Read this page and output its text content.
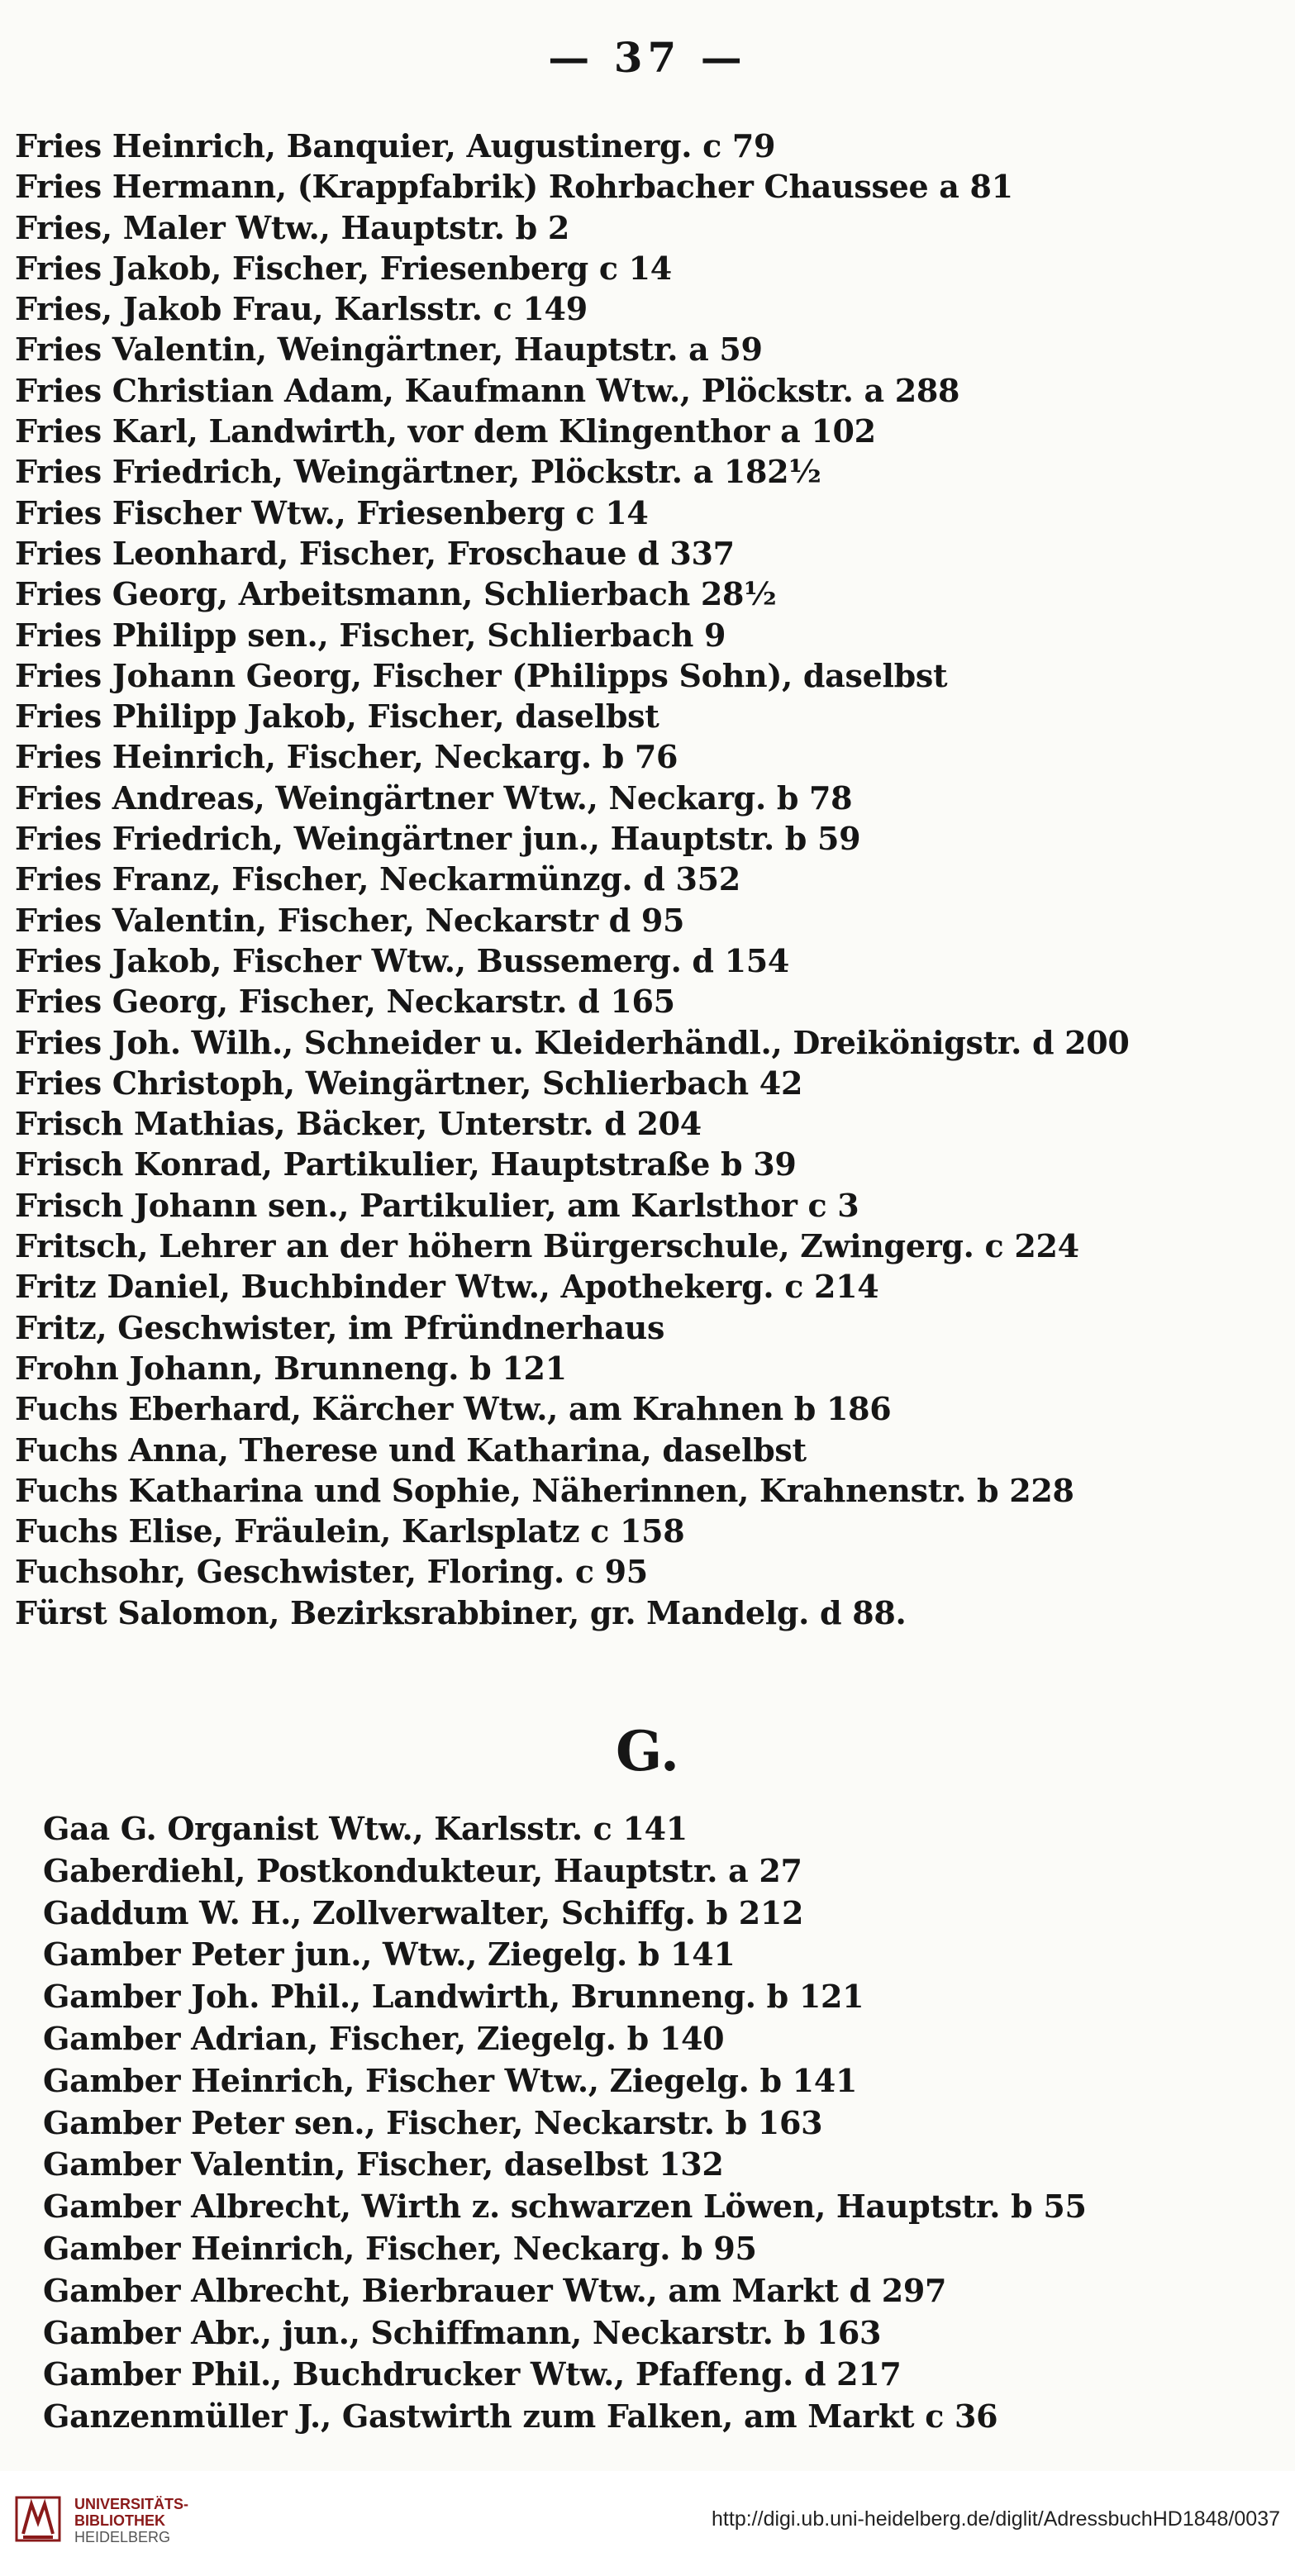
— 37 —
Fries Heinrich, Banquier, Augustinerg. c 79
Fries Hermann, (Krappfabrik) Rohrbacher Chaussee a 81
Fries, Maler Wtw., Hauptstr. b 2
Fries Jakob, Fischer, Friesenberg c 14
Fries, Jakob Frau, Karlsstr. c 149
Fries Valentin, Weingärtner, Hauptstr. a 59
Fries Christian Adam, Kaufmann Wtw., Plöckstr. a 288
Fries Karl, Landwirth, vor dem Klingenthor a 102
Fries Friedrich, Weingärtner, Plöckstr. a 182½
Fries Fischer Wtw., Friesenberg c 14
Fries Leonhard, Fischer, Froschaue d 337
Fries Georg, Arbeitsmann, Schlierbach 28½
Fries Philipp sen., Fischer, Schlierbach 9
Fries Johann Georg, Fischer (Philipps Sohn), daselbst
Fries Philipp Jakob, Fischer, daselbst
Fries Heinrich, Fischer, Neckarg. b 76
Fries Andreas, Weingärtner Wtw., Neckarg. b 78
Fries Friedrich, Weingärtner jun., Hauptstr. b 59
Fries Franz, Fischer, Neckarmünzg. d 352
Fries Valentin, Fischer, Neckarstr d 95
Fries Jakob, Fischer Wtw., Bussemerg. d 154
Fries Georg, Fischer, Neckarstr. d 165
Fries Joh. Wilh., Schneider u. Kleiderhändl., Dreikönigstr. d 200
Fries Christoph, Weingärtner, Schlierbach 42
Frisch Mathias, Bäcker, Unterstr. d 204
Frisch Konrad, Partikulier, Hauptstraße b 39
Frisch Johann sen., Partikulier, am Karlsthor c 3
Fritsch, Lehrer an der höhern Bürgerschule, Zwingerg. c 224
Fritz Daniel, Buchbinder Wtw., Apothekerg. c 214
Fritz, Geschwister, im Pfründnerhaus
Frohn Johann, Brunneng. b 121
Fuchs Eberhard, Kärcher Wtw., am Krahnen b 186
Fuchs Anna, Therese und Katharina, daselbst
Fuchs Katharina und Sophie, Näherinnen, Krahnenstr. b 228
Fuchs Elise, Fräulein, Karlsplatz c 158
Fuchsohr, Geschwister, Floring. c 95
Fürst Salomon, Bezirksrabbiner, gr. Mandelg. d 88.
G.
Gaa G. Organist Wtw., Karlsstr. c 141
Gaberdiehl, Postkondukteur, Hauptstr. a 27
Gaddum W. H., Zollverwalter, Schiffg. b 212
Gamber Peter jun., Wtw., Ziegelg. b 141
Gamber Joh. Phil., Landwirth, Brunneng. b 121
Gamber Adrian, Fischer, Ziegelg. b 140
Gamber Heinrich, Fischer Wtw., Ziegelg. b 141
Gamber Peter sen., Fischer, Neckarstr. b 163
Gamber Valentin, Fischer, daselbst 132
Gamber Albrecht, Wirth z. schwarzen Löwen, Hauptstr. b 55
Gamber Heinrich, Fischer, Neckarg. b 95
Gamber Albrecht, Bierbrauer Wtw., am Markt d 297
Gamber Abr., jun., Schiffmann, Neckarstr. b 163
Gamber Phil., Buchdrucker Wtw., Pfaffeng. d 217
Ganzenmüller J., Gastwirth zum Falken, am Markt c 36
UNIVERSITÄTS-
BIBLIOTHEK
HEIDELBERG
http://digi.ub.uni-heidelberg.de/diglit/AdressbuchHD1848/0037
